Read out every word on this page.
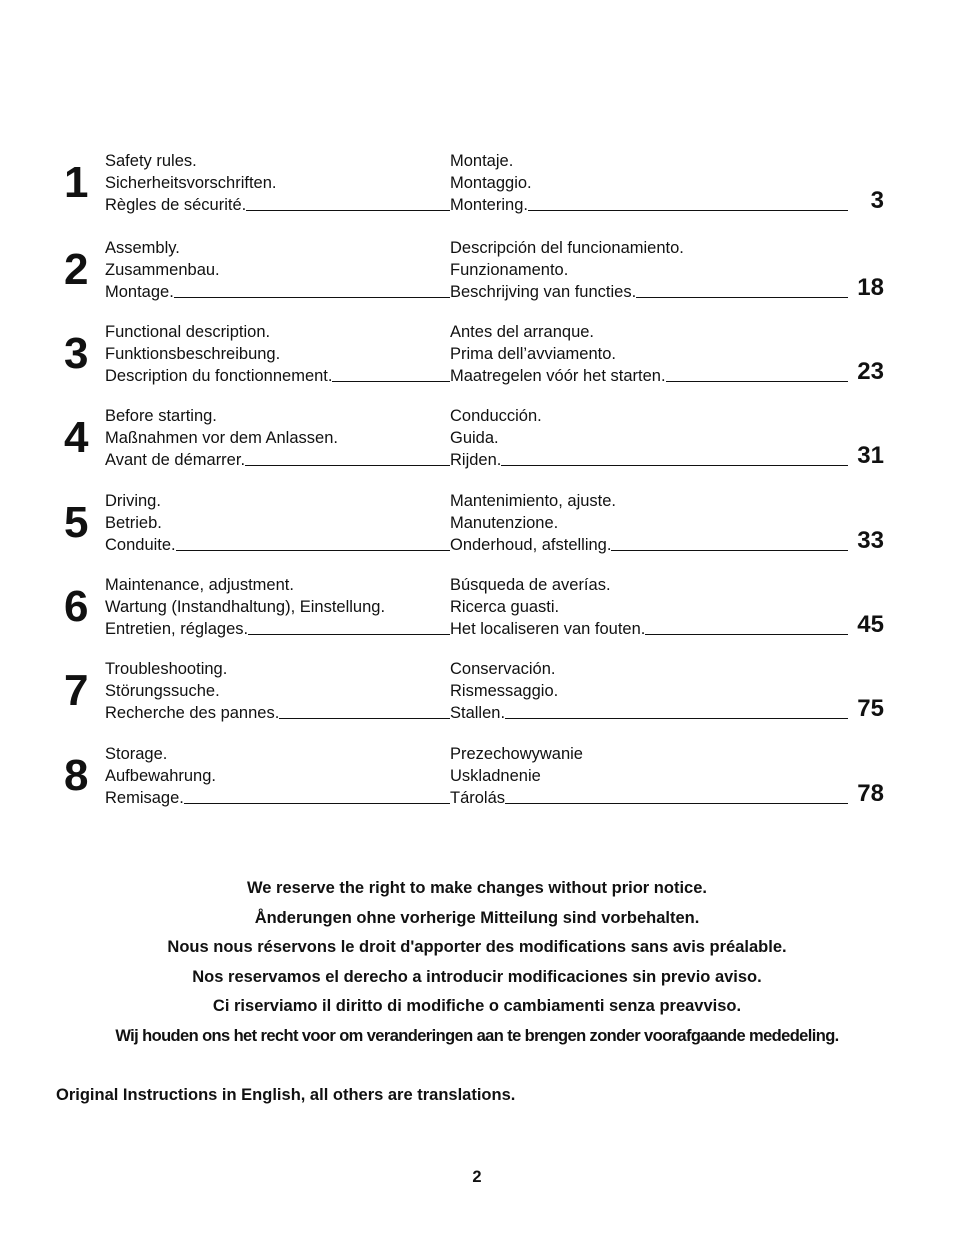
1 Safety rules.
Sicherheitsvorschriften.
Règles de sécurité.
Montaje.
Montaggio.
Montering.	3
2 Assembly.
Zusammenbau.
Montage.
Descripción del funcionamiento.
Funzionamento.
Beschrijving van functies.	18
3 Functional description.
Funktionsbeschreibung.
Description du fonctionnement.
Antes del arranque.
Prima dell’avviamento.
Maatregelen vóór het starten.	23
4 Before starting.
Maßnahmen vor dem Anlassen.
Avant de démarrer.
Conducción.
Guida.
Rijden.	31
5 Driving.
Betrieb.
Conduite.
Mantenimiento, ajuste.
Manutenzione.
Onderhoud, afstelling.	33
6 Maintenance, adjustment.
Wartung (Instandhaltung), Einstellung.
Entretien, réglages.
Búsqueda de averías.
Ricerca guasti.
Het localiseren van fouten.	45
7 Troubleshooting.
Störungssuche.
Recherche des pannes.
Conservación.
Rismessaggio.
Stallen.	75
8 Storage.
Aufbewahrung.
Remisage.
Prezechowywanie
Uskladnenie
Tárolás	78
We reserve the right to make changes without prior notice.
Ånderungen ohne vorherige Mitteilung sind vorbehalten.
Nous nous réservons le droit d'apporter des modifications sans avis préalable.
Nos reservamos el derecho a introducir modificaciones sin previo aviso.
Ci riserviamo il diritto di modifiche o cambiamenti senza preavviso.
Wij houden ons het recht voor om veranderingen aan te brengen zonder voorafgaande mededeling.
Original Instructions in English, all others are translations.
2
